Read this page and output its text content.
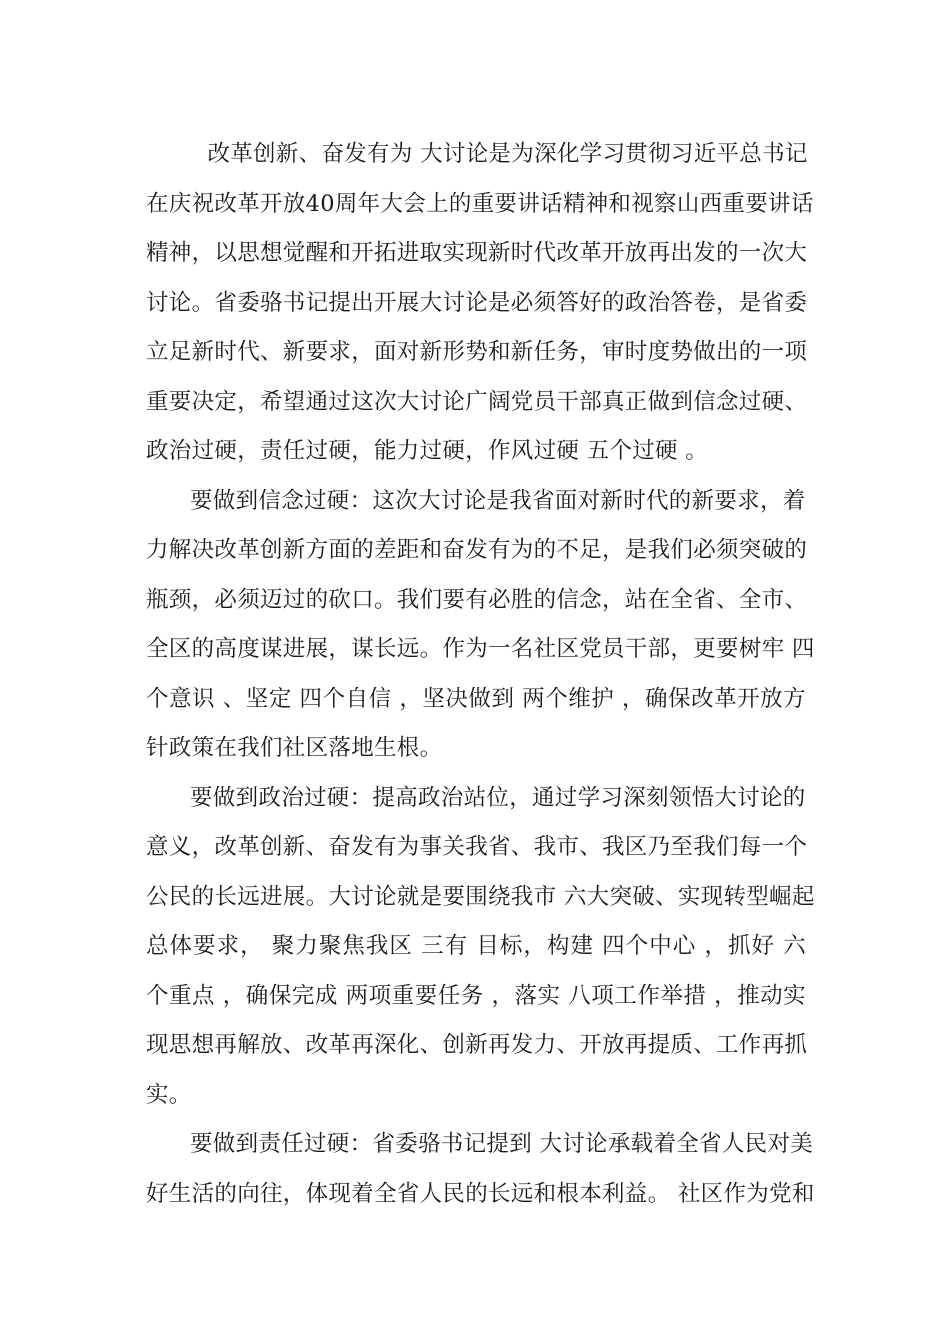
改革创新、奋发有为 大讨论是为深化学习贯彻习近平总书记
在庆祝改革开放40周年大会上的重要讲话精神和视察山西重要讲话
精神，以思想觉醒和开拓进取实现新时代改革开放再出发的一次大
讨论。省委骆书记提出开展大讨论是必须答好的政治答卷，是省委
立足新时代、新要求，面对新形势和新任务，审时度势做出的一项
重要决定，希望通过这次大讨论广阔党员干部真正做到信念过硬、
政治过硬，责任过硬，能力过硬，作风过硬 五个过硬 。
要做到信念过硬：这次大讨论是我省面对新时代的新要求，着
力解决改革创新方面的差距和奋发有为的不足，是我们必须突破的
瓶颈，必须迈过的砍口。我们要有必胜的信念，站在全省、全市、
全区的高度谋进展，谋长远。作为一名社区党员干部，更要树牢 四
个意识 、坚定 四个自信 ，坚决做到 两个维护 ，确保改革开放方
针政策在我们社区落地生根。
要做到政治过硬：提高政治站位，通过学习深刻领悟大讨论的
意义，改革创新、奋发有为事关我省、我市、我区乃至我们每一个
公民的长远进展。大讨论就是要围绕我市 六大突破、实现转型崛起
总体要求， 聚力聚焦我区 三有 目标，构建 四个中心 ，抓好 六
个重点 ，确保完成 两项重要任务 ，落实 八项工作举措 ，推动实
现思想再解放、改革再深化、创新再发力、开放再提质、工作再抓
实。
要做到责任过硬：省委骆书记提到 大讨论承载着全省人民对美
好生活的向往，体现着全省人民的长远和根本利益。 社区作为党和
